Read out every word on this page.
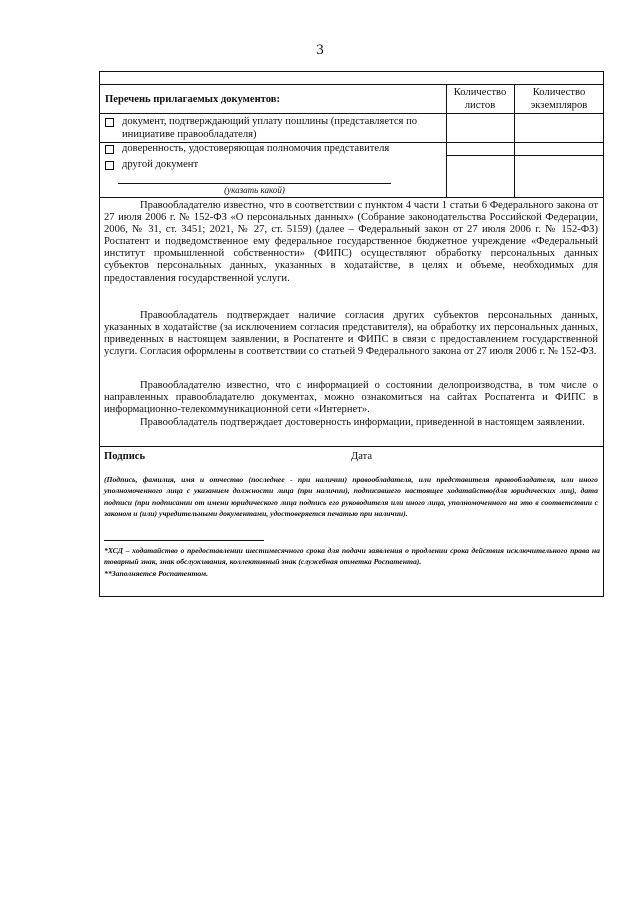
3
Перечень прилагаемых документов:
Количество листов
Количество экземпляров
документ, подтверждающий уплату пошлины (представляется по инициативе правообладателя)
доверенность, удостоверяющая полномочия представителя
другой документ
(указать какой)
Правообладателю известно, что в соответствии с пунктом 4 части 1 статьи 6 Федерального закона от 27 июля 2006 г. № 152-ФЗ «О персональных данных» (Собрание законодательства Российской Федерации, 2006, № 31, ст. 3451; 2021, № 27, ст. 5159) (далее – Федеральный закон от 27 июля 2006 г. № 152-ФЗ) Роспатент и подведомственное ему федеральное государственное бюджетное учреждение «Федеральный институт промышленной собственности» (ФИПС) осуществляют обработку персональных данных субъектов персональных данных, указанных в ходатайстве, в целях и объеме, необходимых для предоставления государственной услуги.
Правообладатель подтверждает наличие согласия других субъектов персональных данных, указанных в ходатайстве (за исключением согласия представителя), на обработку их персональных данных, приведенных в настоящем заявлении, в Роспатенте и ФИПС в связи с предоставлением государственной услуги. Согласия оформлены в соответствии со статьей 9 Федерального закона от 27 июля 2006 г. № 152-ФЗ.
Правообладателю известно, что с информацией о состоянии делопроизводства, в том числе о направленных правообладателю документах, можно ознакомиться на сайтах Роспатента и ФИПС в информационно-телекоммуникационной сети «Интернет».
Правообладатель подтверждает достоверность информации, приведенной в настоящем заявлении.
Подпись	Дата
(Подпись, фамилия, имя и отчество (последнее - при наличии) правообладателя, или представителя правообладателя, или иного уполномоченного лица с указанием должности лица (при наличии), подписавшего настоящее ходатайство(для юридических лиц), дата подписи (при подписании от имени юридического лица подпись его руководителя или иного лица, уполномоченного на это в соответствии с законом и (или) учредительными документами, удостоверяется печатью при наличии).
*ХСД – ходатайство о предоставлении шестимесячного срока для подачи заявления о продлении срока действия исключительного права на товарный знак, знак обслуживания, коллективный знак (служебная отметка Роспатента).
**Заполняется Роспатентом.
